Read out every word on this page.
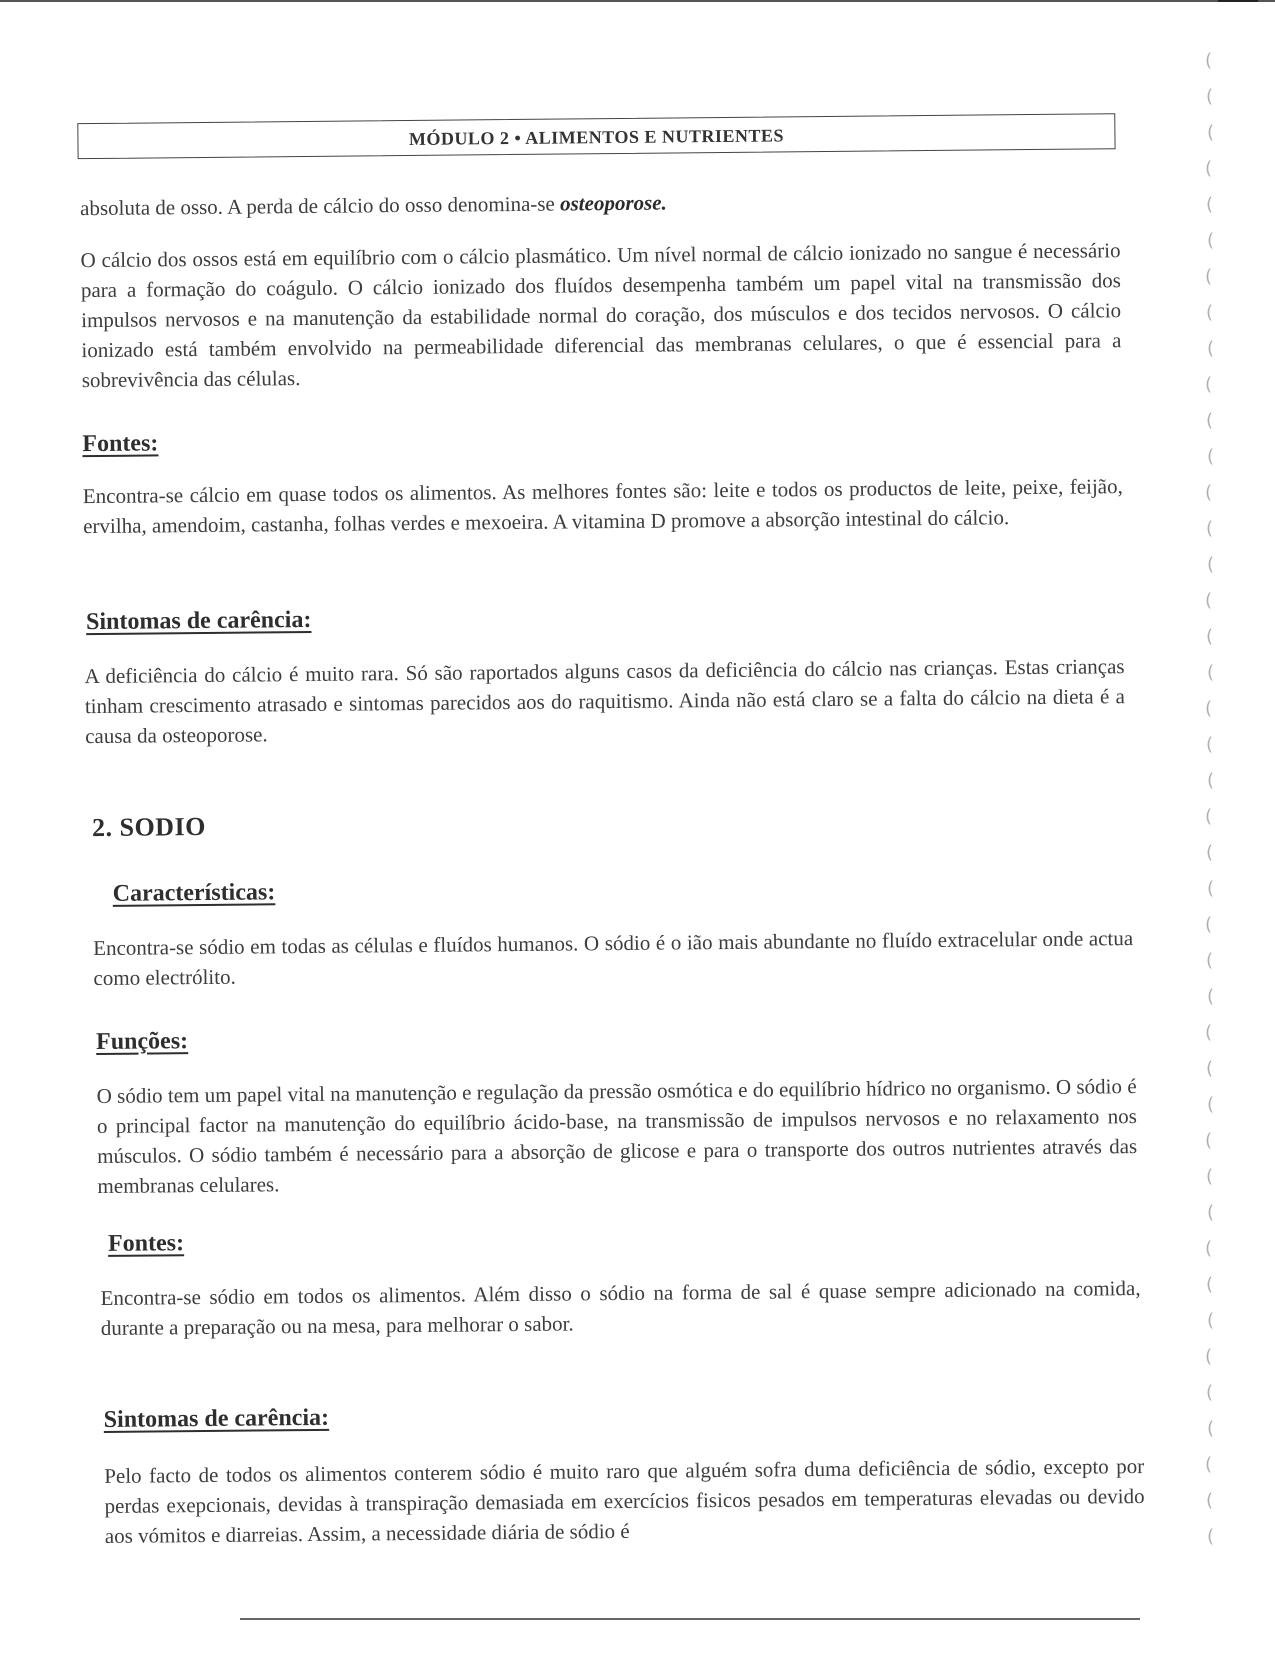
MÓDULO 2 • ALIMENTOS E NUTRIENTES

absoluta de osso. A perda de cálcio do osso denomina-se osteoporose.

O cálcio dos ossos está em equilíbrio com o cálcio plasmático. Um nível normal de cálcio ionizado no sangue é necessário para a formação do coágulo. O cálcio ionizado dos fluídos desempenha também um papel vital na transmissão dos impulsos nervosos e na manutenção da estabilidade normal do coração, dos músculos e dos tecidos nervosos. O cálcio ionizado está também envolvido na permeabilidade diferencial das membranas celulares, o que é essencial para a sobrevivência das células.

Fontes:

Encontra-se cálcio em quase todos os alimentos. As melhores fontes são: leite e todos os productos de leite, peixe, feijão, ervilha, amendoim, castanha, folhas verdes e mexoeira. A vitamina D promove a absorção intestinal do cálcio.

Sintomas de carência:

A deficiência do cálcio é muito rara. Só são raportados alguns casos da deficiência do cálcio nas crianças. Estas crianças tinham crescimento atrasado e sintomas parecidos aos do raquitismo. Ainda não está claro se a falta do cálcio na dieta é a causa da osteoporose.

2. SODIO
Características:

Encontra-se sódio em todas as células e fluídos humanos. O sódio é o ião mais abundante no fluído extracelular onde actua como electrólito.

Funções:

O sódio tem um papel vital na manutenção e regulação da pressão osmótica e do equilíbrio hídrico no organismo. O sódio é o principal factor na manutenção do equilíbrio ácido-base, na transmissão de impulsos nervosos e no relaxamento nos músculos. O sódio também é necessário para a absorção de glicose e para o transporte dos outros nutrientes através das membranas celulares.

Fontes:

Encontra-se sódio em todos os alimentos. Além disso o sódio na forma de sal é quase sempre adicionado na comida, durante a preparação ou na mesa, para melhorar o sabor.

Sintomas de carência:

Pelo facto de todos os alimentos conterem sódio é muito raro que alguém sofra duma deficiência de sódio, excepto por perdas exepcionais, devidas à transpiração demasiada em exercícios fisicos pesados em temperaturas elevadas ou devido aos vómitos e diarreias. Assim, a necessidade diária de sódio é

(
(
(
(
(
(
(
(
(
(
(
(
(
(
(
(
(
(
(
(
(
(
(
(
(
(
(
(
(
(
(
(
(
(
(
(
(
(
(
(
(
(
